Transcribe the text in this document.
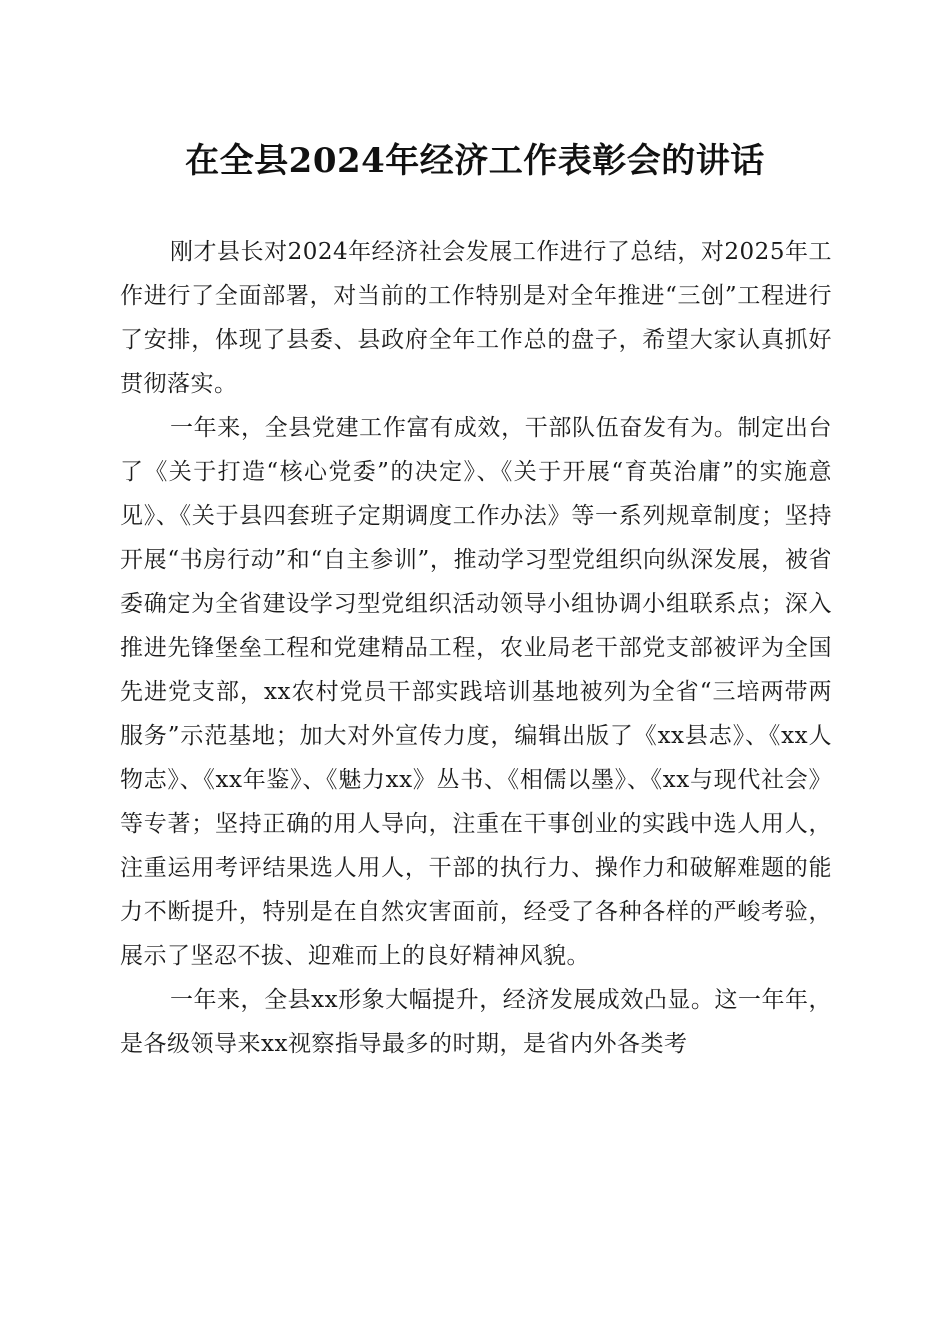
在全县2024年经济工作表彰会的讲话

刚才县长对2024年经济社会发展工作进行了总结，对2025年工作进行了全面部署，对当前的工作特别是对全年推进“三创”工程进行了安排，体现了县委、县政府全年工作总的盘子，希望大家认真抓好贯彻落实。

一年来，全县党建工作富有成效，干部队伍奋发有为。制定出台了《关于打造“核心党委”的决定》、《关于开展“育英治庸”的实施意见》、《关于县四套班子定期调度工作办法》等一系列规章制度；坚持开展“书房行动”和“自主参训”，推动学习型党组织向纵深发展，被省委确定为全省建设学习型党组织活动领导小组协调小组联系点；深入推进先锋堡垒工程和党建精品工程，农业局老干部党支部被评为全国先进党支部，xx农村党员干部实践培训基地被列为全省“三培两带两服务”示范基地；加大对外宣传力度，编辑出版了《xx县志》、《xx人物志》、《xx年鉴》、《魅力xx》丛书、《相儒以墨》、《xx与现代社会》等专著；坚持正确的用人导向，注重在干事创业的实践中选人用人，注重运用考评结果选人用人，干部的执行力、操作力和破解难题的能力不断提升，特别是在自然灾害面前，经受了各种各样的严峻考验，展示了坚忍不拔、迎难而上的良好精神风貌。

一年来，全县xx形象大幅提升，经济发展成效凸显。这一年年，是各级领导来xx视察指导最多的时期，是省内外各类考
